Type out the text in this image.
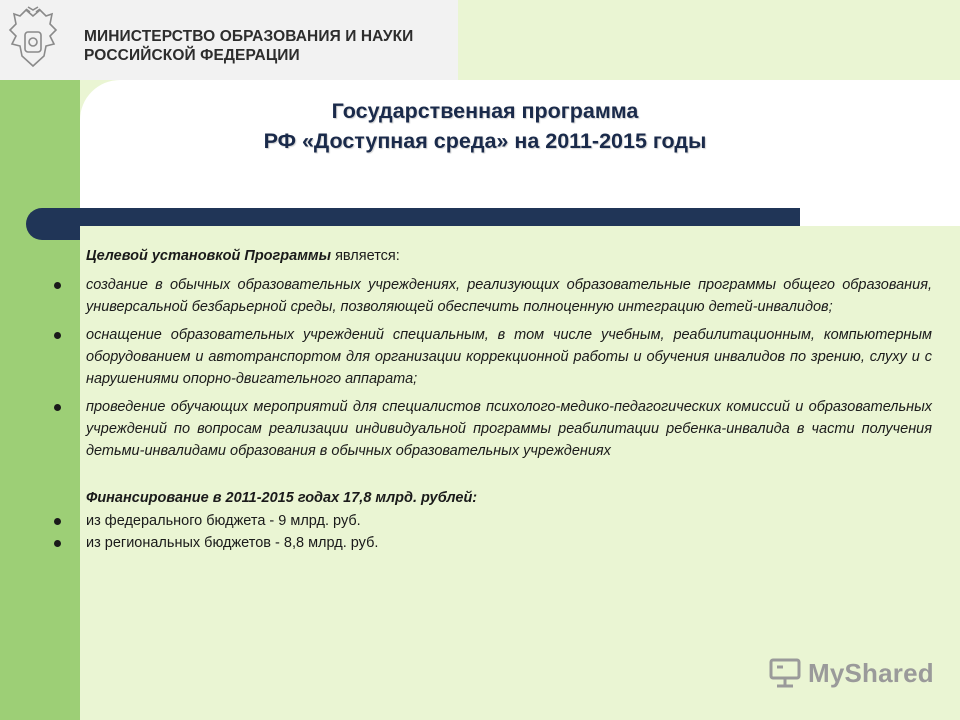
МИНИСТЕРСТВО ОБРАЗОВАНИЯ И НАУКИ
РОССИЙСКОЙ ФЕДЕРАЦИИ
Государственная программа
РФ «Доступная среда» на 2011-2015 годы

Целевой установкой Программы является:

создание в обычных образовательных учреждениях, реализующих образовательные программы общего образования, универсальной безбарьерной среды, позволяющей обеспечить полноценную интеграцию детей-инвалидов;
оснащение образовательных учреждений специальным, в том числе учебным, реабилитационным, компьютерным оборудованием и автотранспортом для организации коррекционной работы и обучения инвалидов по зрению, слуху и с нарушениями опорно-двигательного аппарата;
проведение обучающих мероприятий для специалистов психолого-медико-педагогических комиссий и образовательных учреждений по вопросам реализации индивидуальной программы реабилитации ребенка-инвалида в части получения детьми-инвалидами образования в обычных образовательных учреждениях

Финансирование в 2011-2015 годах 17,8 млрд. рублей:

из федерального бюджета - 9 млрд. руб.
из региональных бюджетов - 8,8 млрд. руб.
MyShared
